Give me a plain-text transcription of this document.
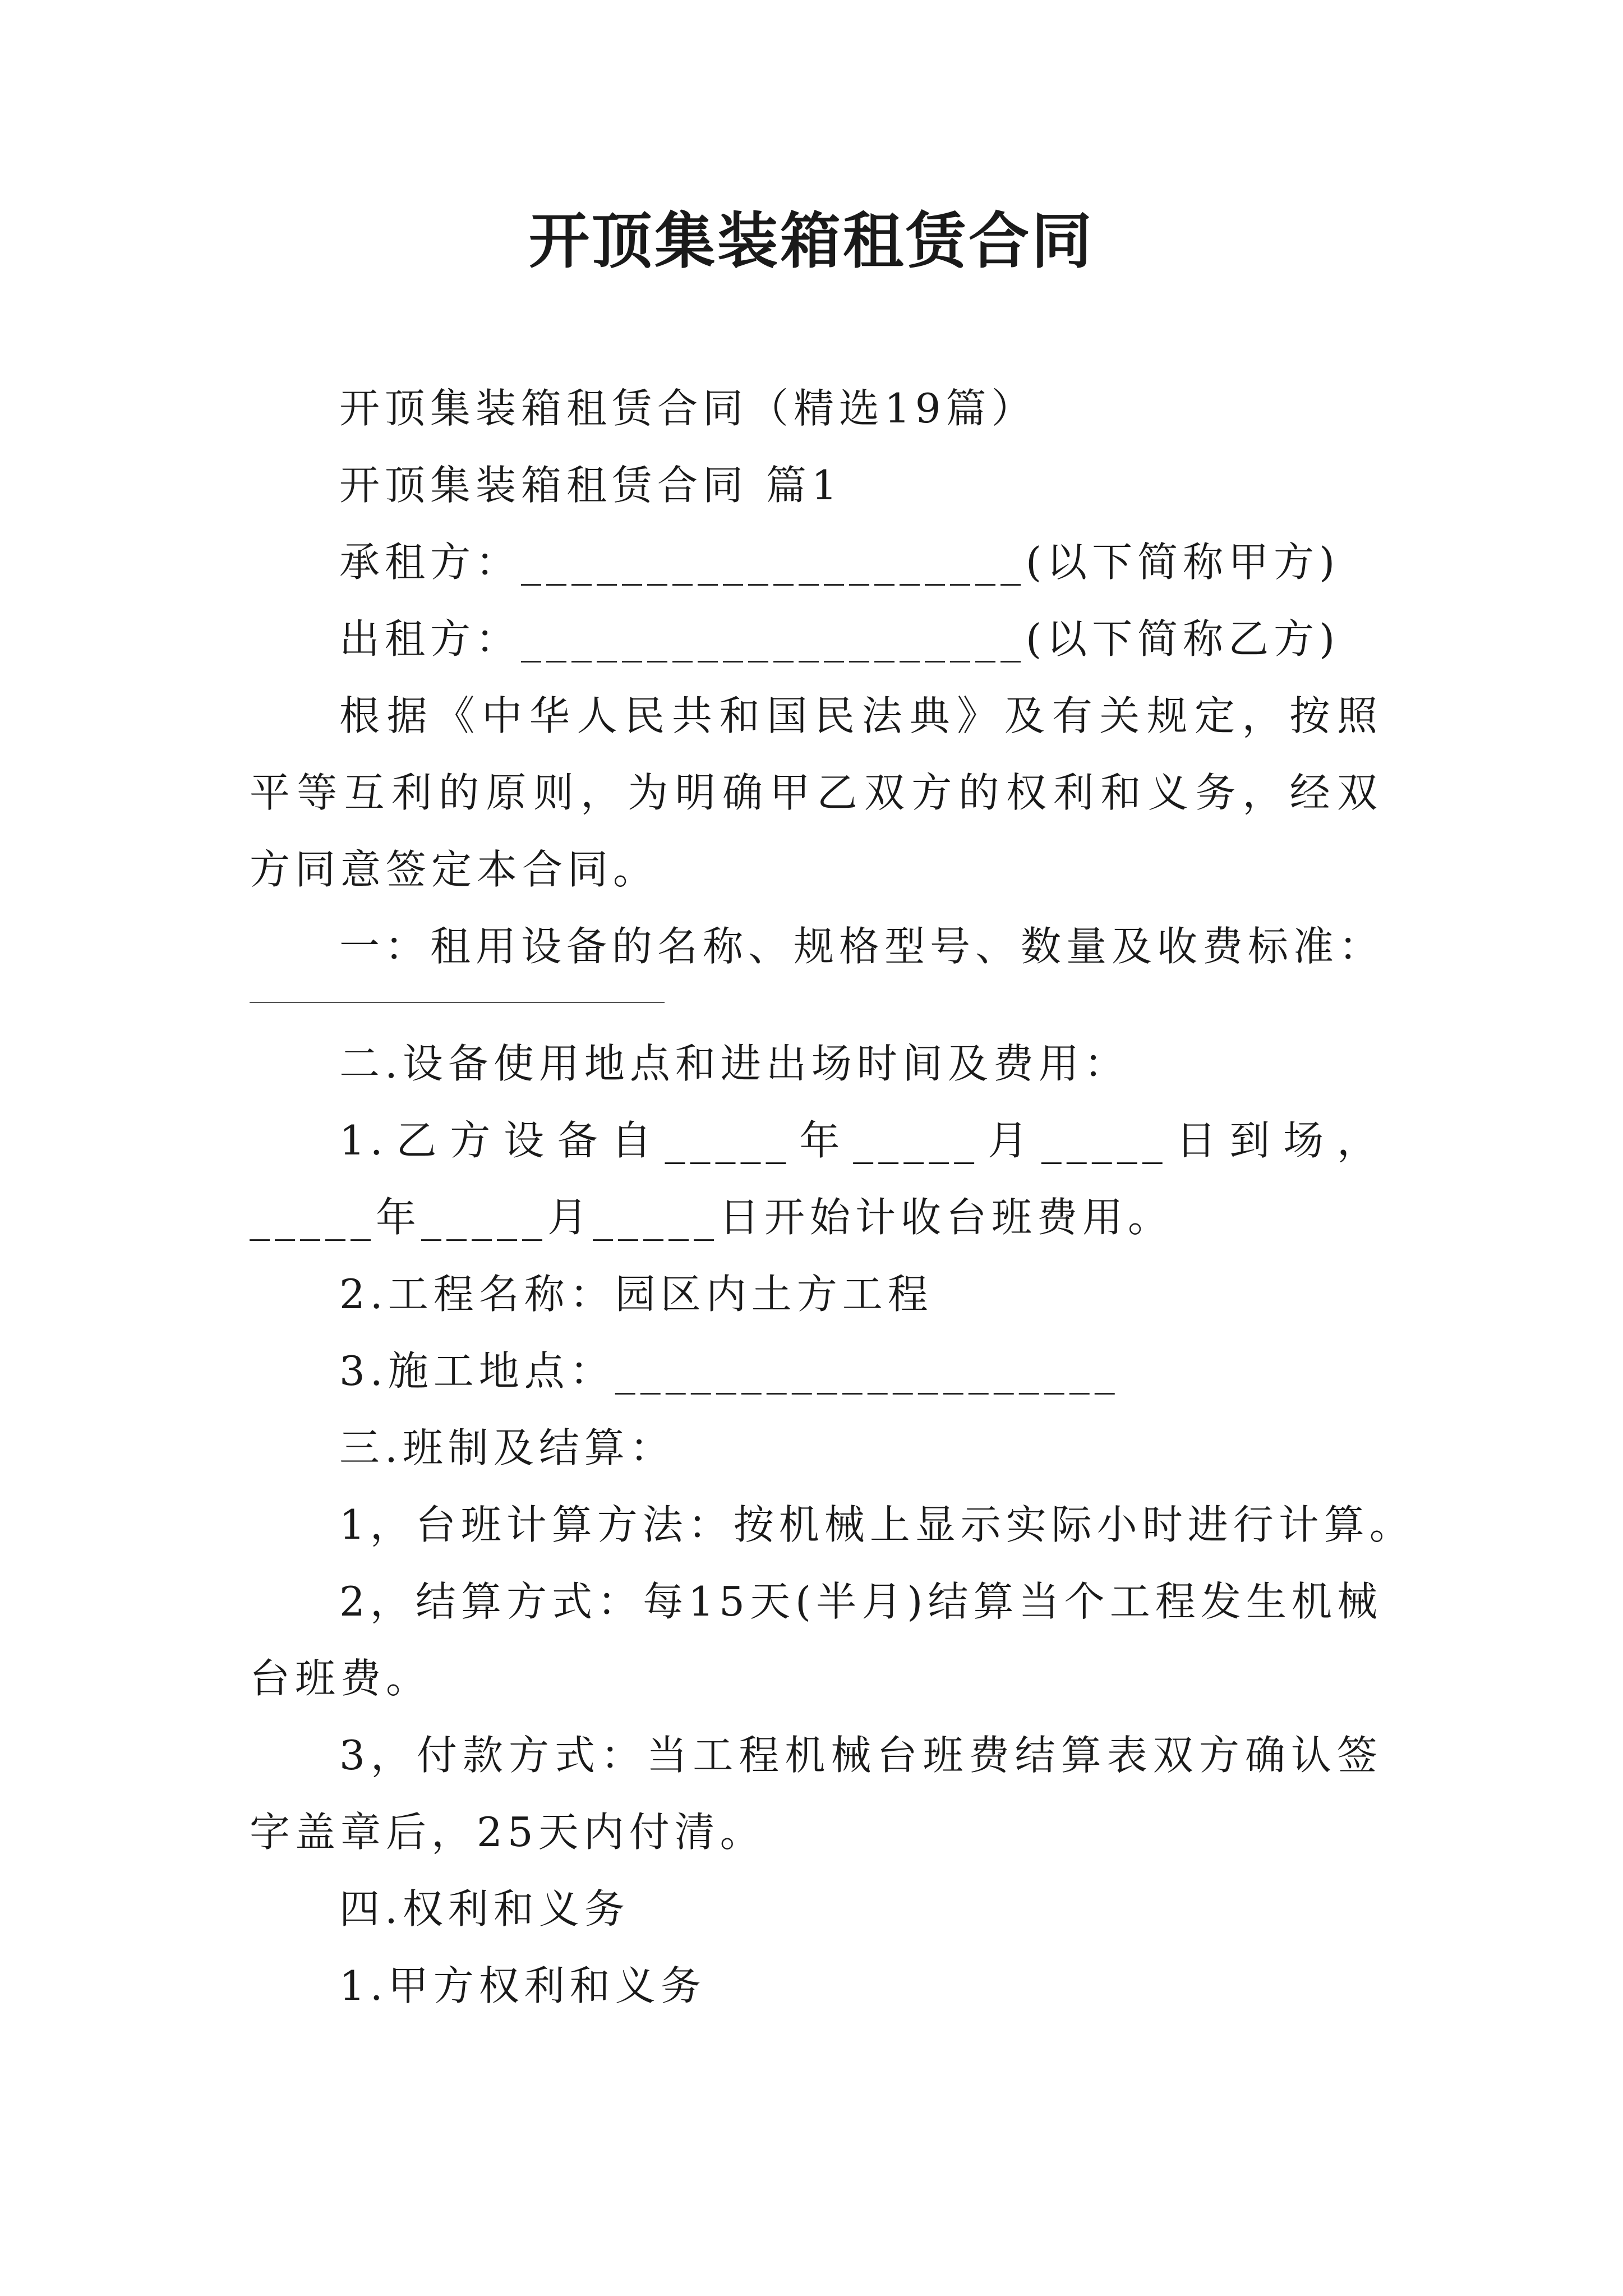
开顶集装箱租赁合同

开顶集装箱租赁合同（精选19篇）

开顶集装箱租赁合同 篇1

承租方：____________________(以下简称甲方)

出租方：____________________(以下简称乙方)

根据《中华人民共和国民法典》及有关规定，按照平等互利的原则，为明确甲乙双方的权利和义务，经双方同意签定本合同。

一：租用设备的名称、规格型号、数量及收费标准：

二.设备使用地点和进出场时间及费用：

1.乙方设备自_____年_____月_____日到场，_____年_____月_____日开始计收台班费用。

2.工程名称：园区内土方工程

3.施工地点：____________________

三.班制及结算：

1，台班计算方法：按机械上显示实际小时进行计算。

2，结算方式：每15天(半月)结算当个工程发生机械台班费。

3，付款方式：当工程机械台班费结算表双方确认签字盖章后，25天内付清。

四.权利和义务

1.甲方权利和义务
